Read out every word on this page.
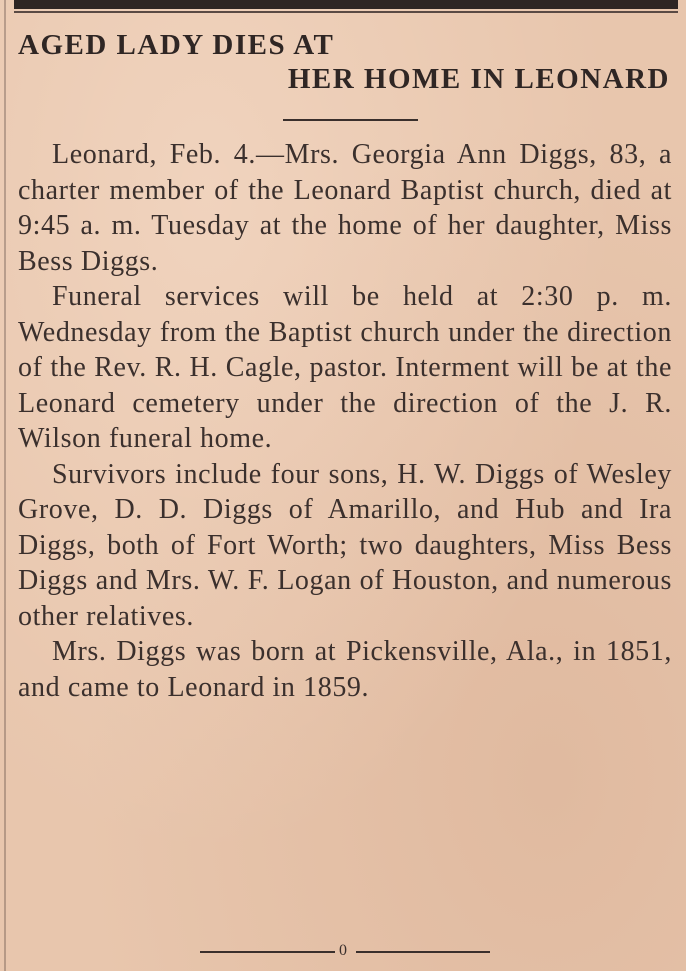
AGED LADY DIES AT
HER HOME IN LEONARD

Leonard, Feb. 4.—Mrs. Georgia Ann Diggs, 83, a charter member of the Leonard Baptist church, died at 9:45 a. m. Tuesday at the home of her daughter, Miss Bess Diggs.

Funeral services will be held at 2:30 p. m. Wednesday from the Baptist church under the direction of the Rev. R. H. Cagle, pastor. Interment will be at the Leonard cemetery under the direction of the J. R. Wilson funeral home.

Survivors include four sons, H. W. Diggs of Wesley Grove, D. D. Diggs of Amarillo, and Hub and Ira Diggs, both of Fort Worth; two daughters, Miss Bess Diggs and Mrs. W. F. Logan of Houston, and numerous other relatives.

Mrs. Diggs was born at Pickensville, Ala., in 1851, and came to Leonard in 1859.

0
